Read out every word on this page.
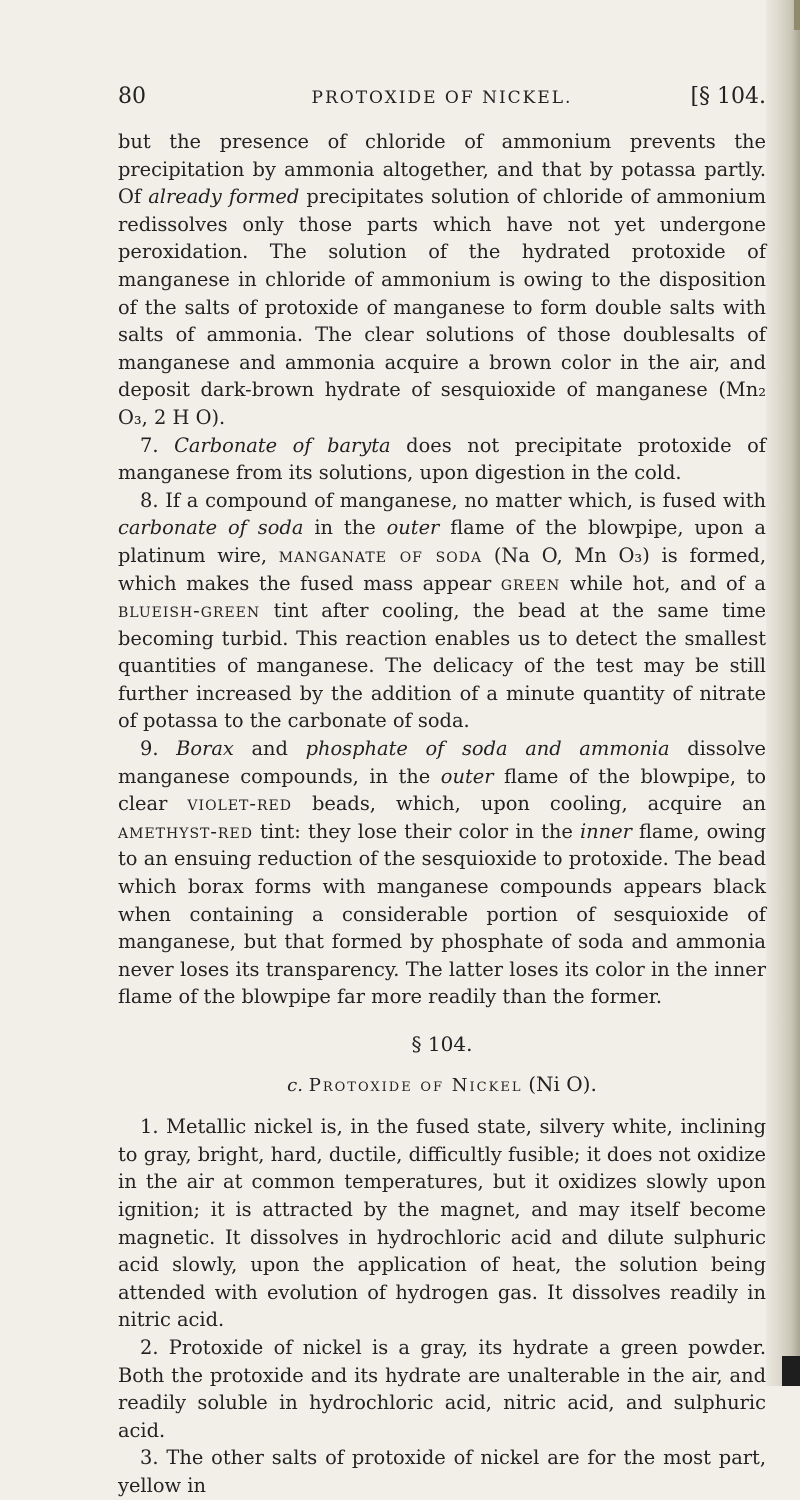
80	PROTOXIDE OF NICKEL.	[§ 104.

but the presence of chloride of ammonium prevents the precipitation by ammonia altogether, and that by potassa partly. Of already formed precipitates solution of chloride of ammonium redissolves only those parts which have not yet undergone peroxidation. The solution of the hydrated protoxide of manganese in chloride of ammonium is owing to the disposition of the salts of protoxide of manganese to form double salts with salts of ammonia. The clear solutions of those doublesalts of manganese and ammonia acquire a brown color in the air, and deposit dark-brown hydrate of sesquioxide of manganese (Mn₂ O₃, 2 H O).

7. Carbonate of baryta does not precipitate protoxide of manganese from its solutions, upon digestion in the cold.

8. If a compound of manganese, no matter which, is fused with carbonate of soda in the outer flame of the blowpipe, upon a platinum wire, manganate of soda (Na O, Mn O₃) is formed, which makes the fused mass appear green while hot, and of a blueish-green tint after cooling, the bead at the same time becoming turbid. This reaction enables us to detect the smallest quantities of manganese. The delicacy of the test may be still further increased by the addition of a minute quantity of nitrate of potassa to the carbonate of soda.

9. Borax and phosphate of soda and ammonia dissolve manganese compounds, in the outer flame of the blowpipe, to clear violet-red beads, which, upon cooling, acquire an amethyst-red tint: they lose their color in the inner flame, owing to an ensuing reduction of the sesquioxide to protoxide. The bead which borax forms with manganese compounds appears black when containing a considerable portion of sesquioxide of manganese, but that formed by phosphate of soda and ammonia never loses its transparency. The latter loses its color in the inner flame of the blowpipe far more readily than the former.

§ 104.
c. Protoxide of Nickel (Ni O).

1. Metallic nickel is, in the fused state, silvery white, inclining to gray, bright, hard, ductile, difficultly fusible; it does not oxidize in the air at common temperatures, but it oxidizes slowly upon ignition; it is attracted by the magnet, and may itself become magnetic. It dissolves in hydrochloric acid and dilute sulphuric acid slowly, upon the application of heat, the solution being attended with evolution of hydrogen gas. It dissolves readily in nitric acid.

2. Protoxide of nickel is a gray, its hydrate a green powder. Both the protoxide and its hydrate are unalterable in the air, and readily soluble in hydrochloric acid, nitric acid, and sulphuric acid.

3. The other salts of protoxide of nickel are for the most part, yellow in
